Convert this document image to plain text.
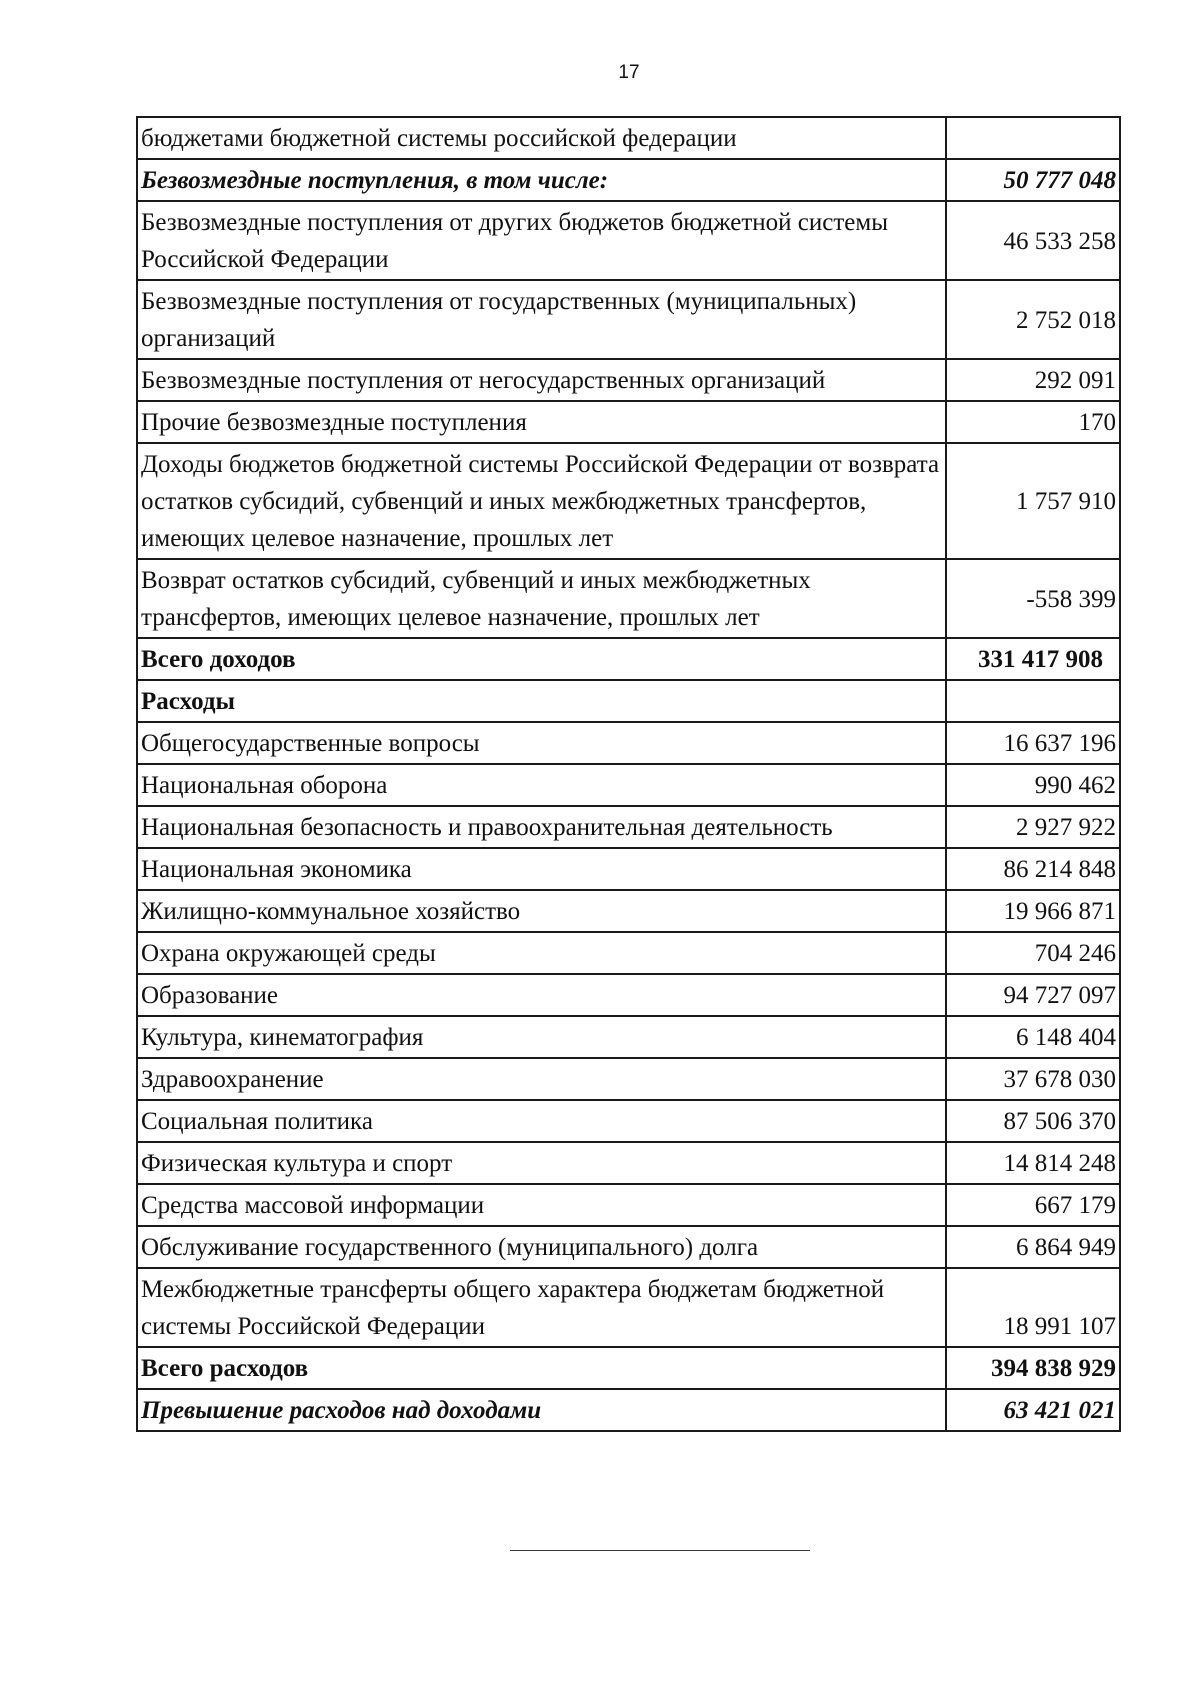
17
бюджетами бюджетной системы российской федерации	
Безвозмездные поступления, в том числе:	50 777 048
Безвозмездные поступления от других бюджетов бюджетной системы Российской Федерации	46 533 258
Безвозмездные поступления от государственных (муниципальных) организаций	2 752 018
Безвозмездные поступления от негосударственных организаций	292 091
Прочие безвозмездные поступления	170
Доходы бюджетов бюджетной системы Российской Федерации от возврата остатков субсидий, субвенций и иных межбюджетных трансфертов, имеющих целевое назначение, прошлых лет	1 757 910
Возврат остатков субсидий, субвенций и иных межбюджетных трансфертов, имеющих целевое назначение, прошлых лет	-558 399
Всего доходов	331 417 908
Расходы	
Общегосударственные вопросы	16 637 196
Национальная оборона	990 462
Национальная безопасность и правоохранительная деятельность	2 927 922
Национальная экономика	86 214 848
Жилищно-коммунальное хозяйство	19 966 871
Охрана окружающей среды	704 246
Образование	94 727 097
Культура, кинематография	6 148 404
Здравоохранение	37 678 030
Социальная политика	87 506 370
Физическая культура и спорт	14 814 248
Средства массовой информации	667 179
Обслуживание государственного (муниципального) долга	6 864 949
Межбюджетные трансферты общего характера бюджетам бюджетной системы Российской Федерации	18 991 107
Всего расходов	394 838 929
Превышение расходов над доходами	63 421 021
